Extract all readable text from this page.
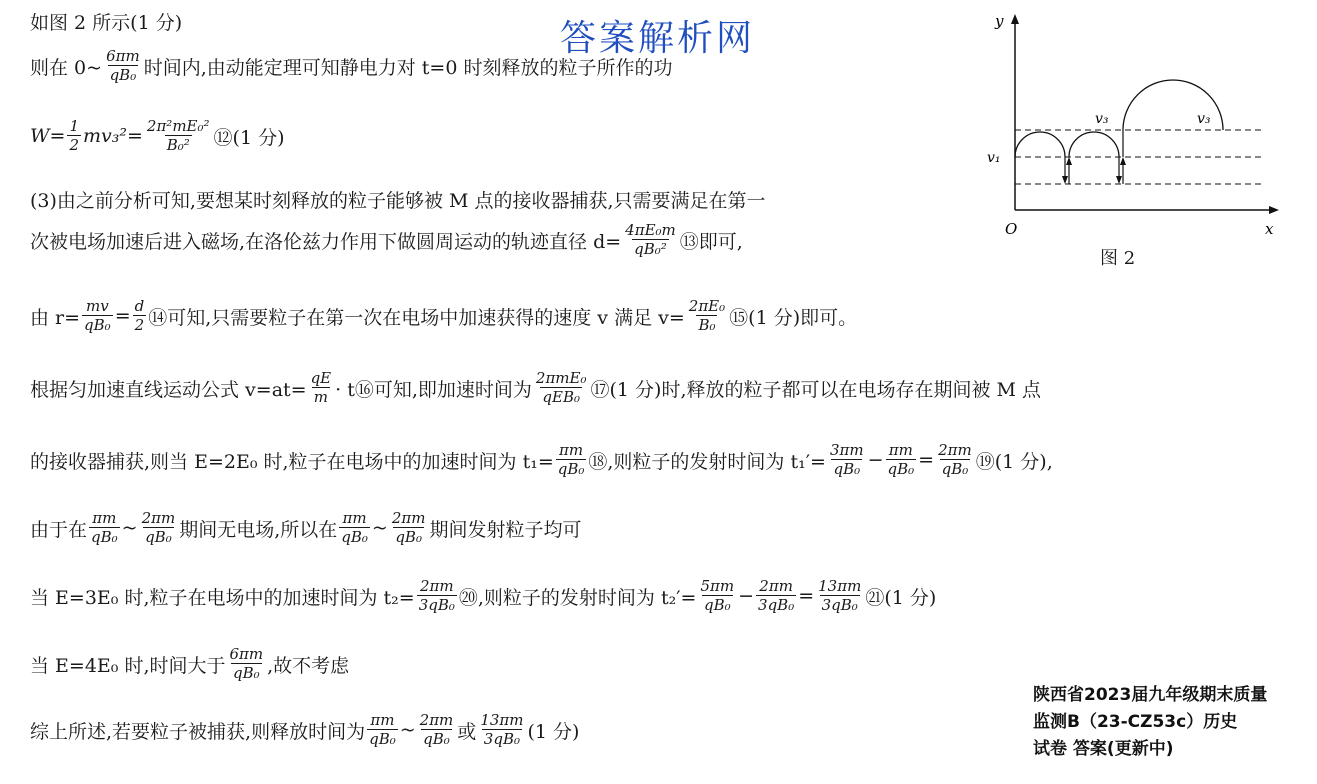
答案解析网
如图 2 所示(1 分)
则在 0~ $\frac{6\pi m}{\text{qB₀}}$ 时间内,由动能定理可知静电力对 t=0 时刻释放的粒子所作的功
$W= \frac{1}{2} mv_3^2= \frac{\text{2π²mE₀²}}{\text{B₀²}}$ ⑫(1 分)
(3)由之前分析可知,要想某时刻释放的粒子能够被 M 点的接收器捕获,只需要满足在第一
次被电场加速后进入磁场,在洛伦兹力作用下做圆周运动的轨迹直径 $d= \frac{\text{4πE₀m}}{\text{qB₀²}}$ ⑬即可,
由 $r= \frac{mv}{\text{qB₀}} = \frac{d}{2}$ ⑭可知,只需要粒子在第一次在电场中加速获得的速度 v 满足 $v= \frac{\text{2πE₀}}{\text{B₀}}$ ⑮(1 分)即可。
根据匀加速直线运动公式 $v=at= \frac{qE}{m}$ · t⑯可知,即加速时间为 $\frac{\text{2πmE₀}}{\text{qEB₀}}$ ⑰(1 分)时,释放的粒子都可以在电场存在期间被 M 点
的接收器捕获,则当 E=2E₀ 时,粒子在电场中的加速时间为 $t_1= \frac{\pi m}{\text{qB₀}}$ ⑱,则粒子的发射时间为 $t_1'= \frac{3\pi m}{\text{qB₀}} - \frac{\pi m}{\text{qB₀}} = \frac{2\pi m}{\text{qB₀}}$ ⑲(1 分),
由于在 $\frac{\pi m}{\text{qB₀}}$ ~ $\frac{2\pi m}{\text{qB₀}}$ 期间无电场,所以在 $\frac{\pi m}{\text{qB₀}}$ ~ $\frac{2\pi m}{\text{qB₀}}$ 期间发射粒子均可
当 E=3E₀ 时,粒子在电场中的加速时间为 $t_2= \frac{2\pi m}{\text{3qB₀}}$ ⑳,则粒子的发射时间为 $t_2'= \frac{5\pi m}{\text{qB₀}} - \frac{2\pi m}{\text{3qB₀}} = \frac{13\pi m}{\text{3qB₀}}$ ㉑(1 分)
当 E=4E₀ 时,时间大于 $\frac{6\pi m}{\text{qB₀}}$ ,故不考虑
综上所述,若要粒子被捕获,则释放时间为 $\frac{\pi m}{\text{qB₀}}$ ~ $\frac{2\pi m}{\text{qB₀}}$ 或 $\frac{13\pi m}{\text{3qB₀}} (1$ 分)
y
x
O
v₁
v₃	v₃
图 2
陕西省2023届九年级期末质量
监测B（23-CZ53c）历史
试卷 答案(更新中)
